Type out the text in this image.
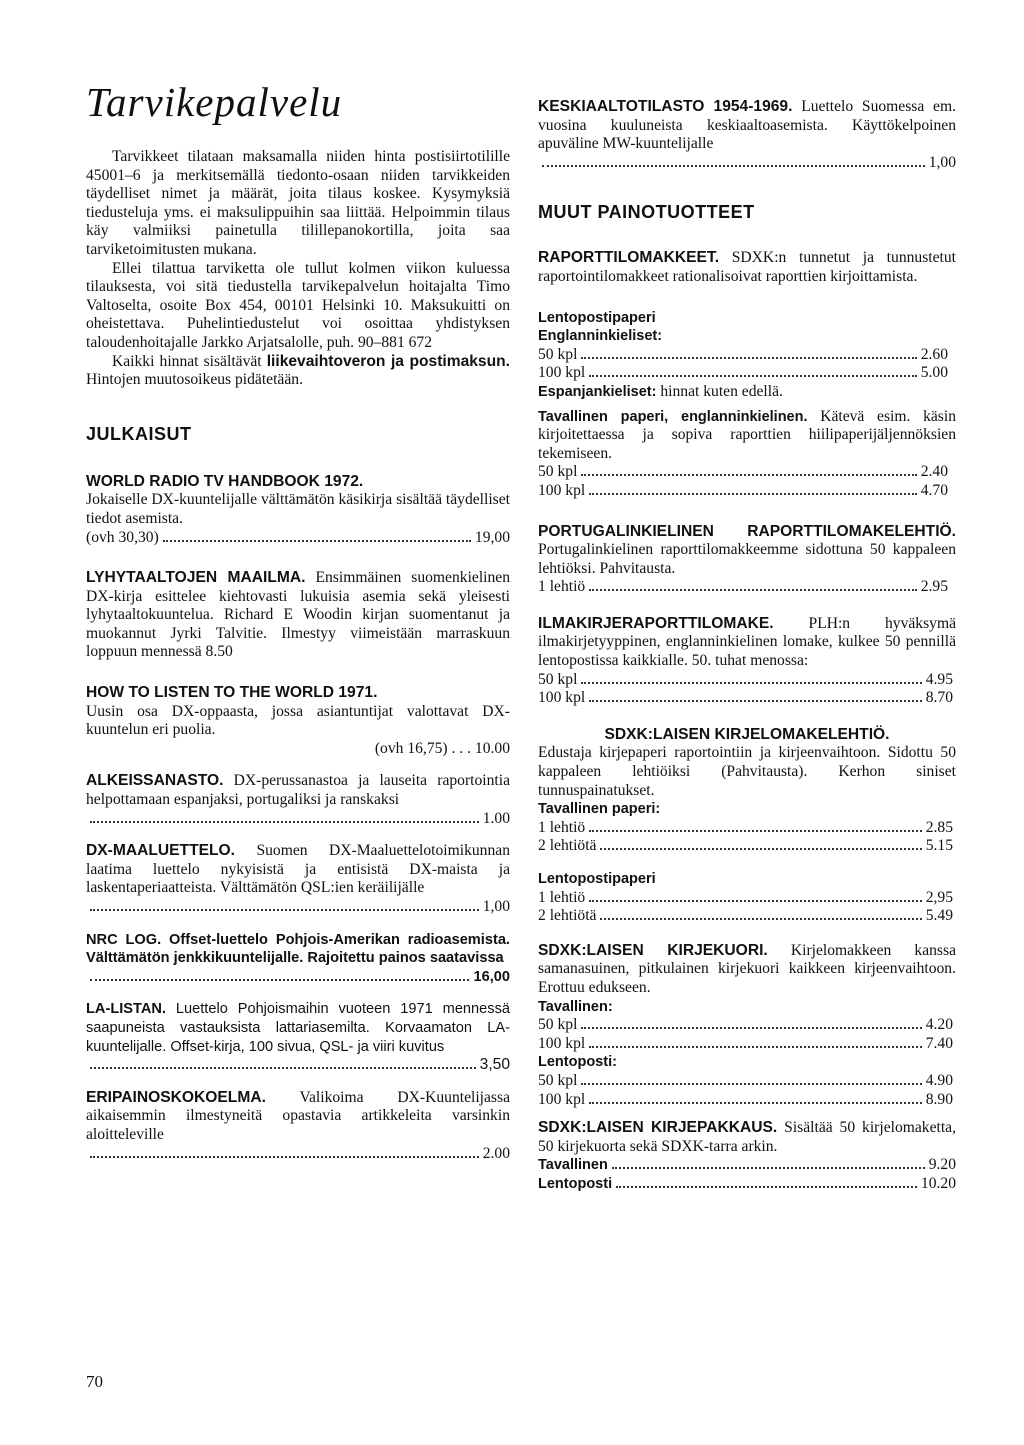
Tarvikepalvelu

Tarvikkeet tilataan maksamalla niiden hinta postisiirtotilille 45001–6 ja merkitsemällä tiedonto-osaan niiden tarvikkeiden täydelliset nimet ja määrät, joita tilaus koskee. Kysymyksiä tiedusteluja yms. ei maksulippuihin saa liittää. Helpoimmin tilaus käy valmiiksi painetulla tilillepanokortilla, joita saa tarviketoimitusten mukana.

Ellei tilattua tarviketta ole tullut kolmen viikon kuluessa tilauksesta, voi sitä tiedustella tarvikepalvelun hoitajalta Timo Valtoselta, osoite Box 454, 00101 Helsinki 10. Maksukuitti on oheistettava. Puhelintiedustelut voi osoittaa yhdistyksen taloudenhoitajalle Jarkko Arjatsalolle, puh. 90–881 672

Kaikki hinnat sisältävät liikevaihtoveron ja postimaksun. Hintojen muutosoikeus pidätetään.

JULKAISUT

WORLD RADIO TV HANDBOOK 1972.

Jokaiselle DX-kuuntelijalle välttämätön käsikirja sisältää täydelliset tiedot asemista.

(ovh 30,30)	19,00

LYHYTAALTOJEN MAAILMA. Ensimmäinen suomenkielinen DX-kirja esittelee kiehtovasti lukuisia asemia sekä yleisesti lyhytaaltokuuntelua. Richard E Woodin kirjan suomentanut ja muokannut Jyrki Talvitie. Ilmestyy viimeistään marraskuun loppuun mennessä 8.50

HOW TO LISTEN TO THE WORLD 1971.

Uusin osa DX-oppaasta, jossa asiantuntijat valottavat DX-kuuntelun eri puolia.

(ovh 16,75) . . . 10.00

ALKEISSANASTO. DX-perussanastoa ja lauseita raportointia helpottamaan espanjaksi, portugaliksi ja ranskaksi

1.00

DX-MAALUETTELO. Suomen DX-Maaluettelotoimikunnan laatima luettelo nykyisistä ja entisistä DX-maista ja laskentaperiaatteista. Välttämätön QSL:ien keräilijälle

1,00

NRC LOG. Offset-luettelo Pohjois-Amerikan radioasemista. Välttämätön jenkkikuuntelijalle. Rajoitettu painos saatavissa

16,00

LA-LISTAN. Luettelo Pohjoismaihin vuoteen 1971 mennessä saapuneista vastauksista lattariasemilta. Korvaamaton LA-kuuntelijalle. Offset-kirja, 100 sivua, QSL- ja viiri kuvitus

3,50

ERIPAINOSKOKOELMA. Valikoima DX-Kuuntelijassa aikaisemmin ilmestyneitä opastavia artikkeleita varsinkin aloitteleville

2.00
70

KESKIAALTOTILASTO 1954-1969. Luettelo Suomessa em. vuosina kuuluneista keskiaaltoasemista. Käyttökelpoinen apuväline MW-kuuntelijalle

1,00
MUUT PAINOTUOTTEET

RAPORTTILOMAKKEET. SDXK:n tunnetut ja tunnustetut raportointilomakkeet rationalisoivat raporttien kirjoittamista.

Lentopostipaperi
Englanninkieliset:
50 kpl	2.60
100 kpl	5.00

Espanjankieliset: hinnat kuten edellä.

Tavallinen paperi, englanninkielinen. Kätevä esim. käsin kirjoitettaessa ja sopiva raporttien hiilipaperijäljennöksien tekemiseen.

50 kpl	2.40
100 kpl	4.70

PORTUGALINKIELINEN RAPORTTILOMAKELEHTIÖ. Portugalinkielinen raporttilomakkeemme sidottuna 50 kappaleen lehtiöksi. Pahvitausta.

1 lehtiö	2.95

ILMAKIRJERAPORTTILOMAKE. PLH:n hyväksymä ilmakirjetyyppinen, englanninkielinen lomake, kulkee 50 pennillä lentopostissa kaikkialle. 50. tuhat menossa:

50 kpl	4.95
100 kpl	8.70

SDXK:LAISEN KIRJELOMAKELEHTIÖ.

Edustaja kirjepaperi raportointiin ja kirjeenvaihtoon. Sidottu 50 kappaleen lehtiöiksi (Pahvitausta). Kerhon siniset tunnuspainatukset.

Tavallinen paperi:
1 lehtiö	2.85
2 lehtiötä	5.15
Lentopostipaperi
1 lehtiö	2,95
2 lehtiötä	5.49

SDXK:LAISEN KIRJEKUORI. Kirjelomakkeen kanssa samanasuinen, pitkulainen kirjekuori kaikkeen kirjeenvaihtoon. Erottuu edukseen.

Tavallinen:
50 kpl	4.20
100 kpl	7.40
Lentoposti:
50 kpl	4.90
100 kpl	8.90

SDXK:LAISEN KIRJEPAKKAUS. Sisältää 50 kirjelomaketta, 50 kirjekuorta sekä SDXK-tarra arkin.

Tavallinen	9.20
Lentoposti	10.20
